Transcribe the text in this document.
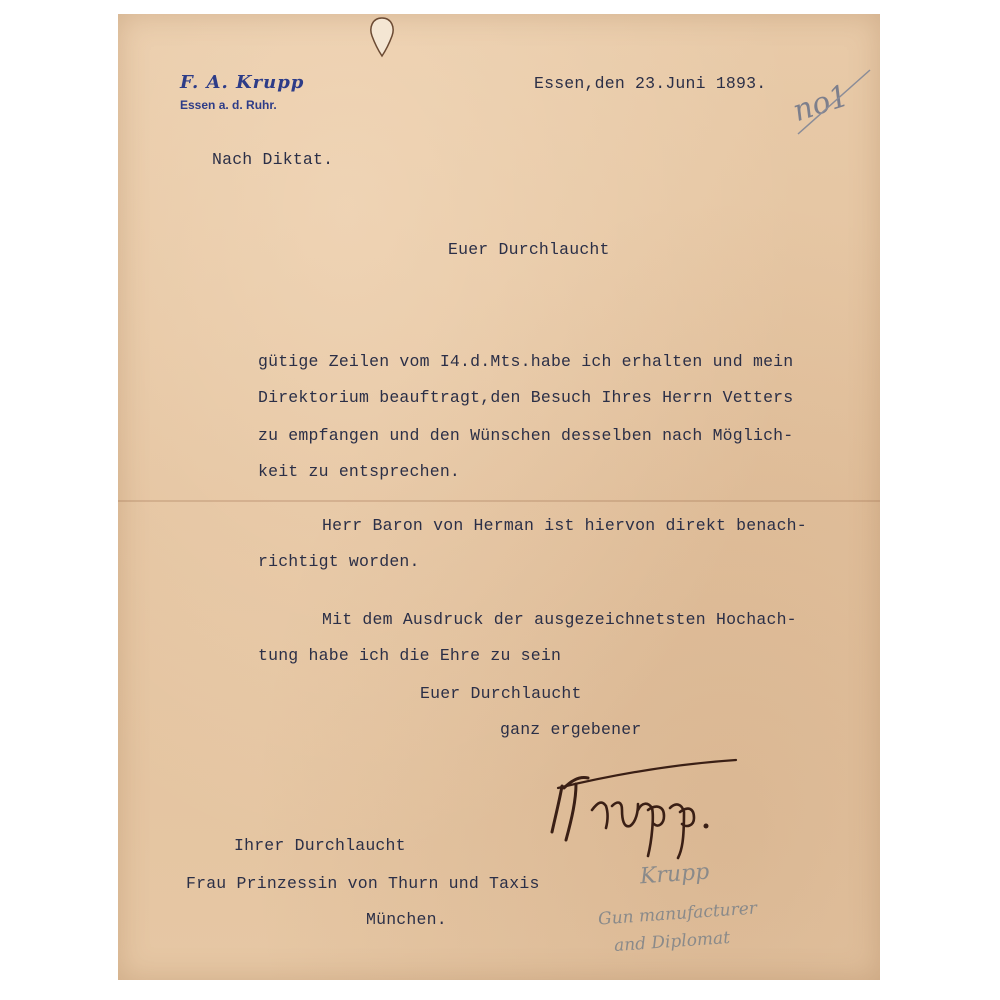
F. A. Krupp
Essen a. d. Ruhr.
Essen,den 23.Juni 1893. no1
Nach Diktat.
Euer Durchlaucht
gütige Zeilen vom I4.d.Mts.habe ich erhalten und mein
Direktorium beauftragt,den Besuch Ihres Herrn Vetters
zu empfangen und den Wünschen desselben nach Möglich-
keit zu entsprechen.
Herr Baron von Herman ist hiervon direkt benach-
richtigt worden.
Mit dem Ausdruck der ausgezeichnetsten Hochach-
tung habe ich die Ehre zu sein
Euer Durchlaucht
ganz ergebener
Ihrer Durchlaucht
Frau Prinzessin von Thurn und Taxis
München.
Krupp
Gun manufacturer
and Diplomat
